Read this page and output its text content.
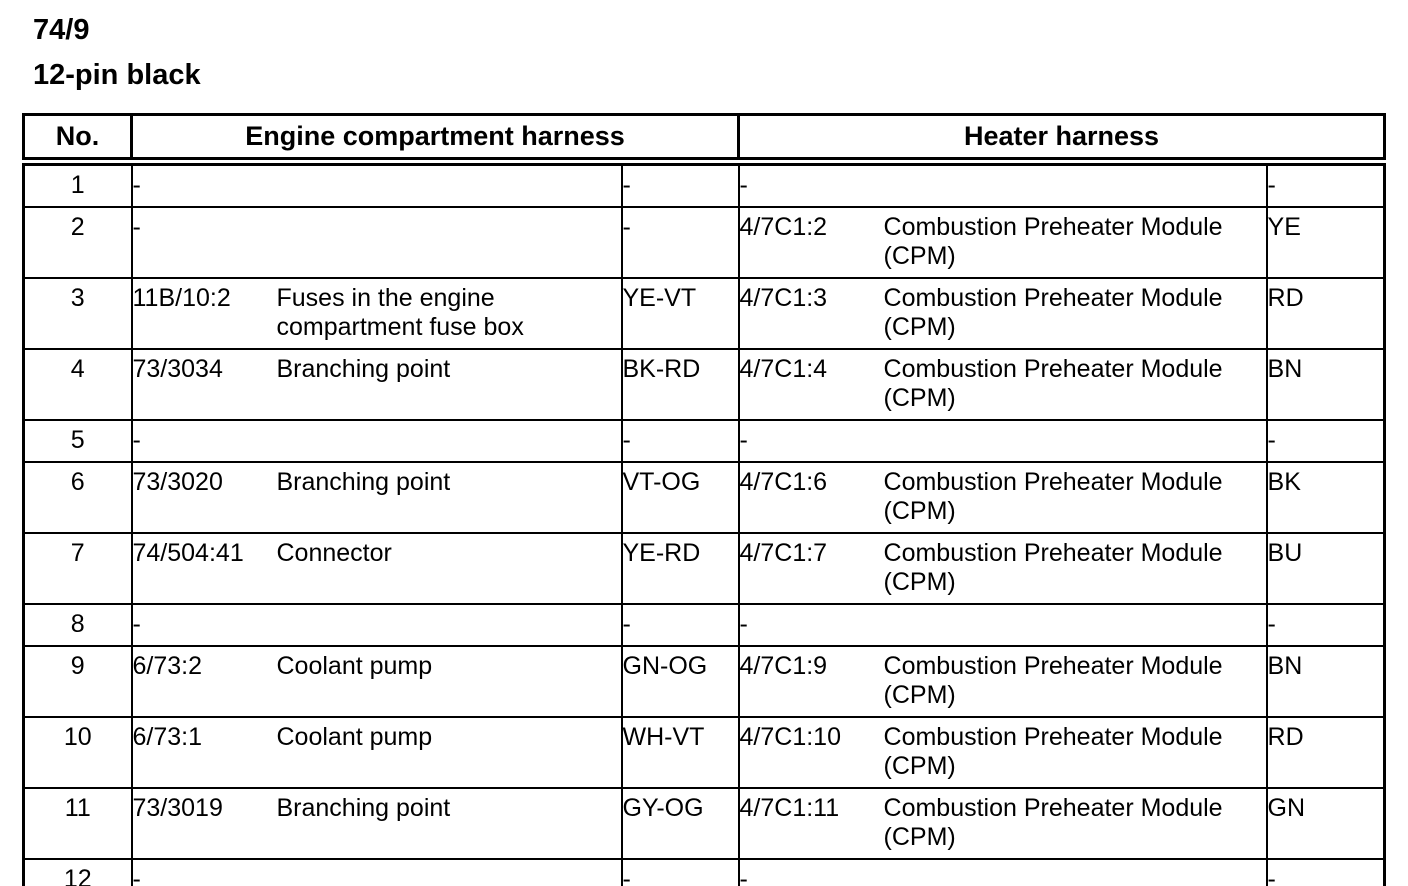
74/9
12-pin black
No.	Engine compartment harness		Heater harness	
1	-	-	-	-
2	-	-	4/7C1:2 Combustion Preheater Module (CPM)	YE
3	11B/10:2 Fuses in the engine compartment fuse box	YE-VT	4/7C1:3 Combustion Preheater Module (CPM)	RD
4	73/3034 Branching point	BK-RD	4/7C1:4 Combustion Preheater Module (CPM)	BN
5	-	-	-	-
6	73/3020 Branching point	VT-OG	4/7C1:6 Combustion Preheater Module (CPM)	BK
7	74/504:41 Connector	YE-RD	4/7C1:7 Combustion Preheater Module (CPM)	BU
8	-	-	-	-
9	6/73:2 Coolant pump	GN-OG	4/7C1:9 Combustion Preheater Module (CPM)	BN
10	6/73:1 Coolant pump	WH-VT	4/7C1:10 Combustion Preheater Module (CPM)	RD
11	73/3019 Branching point	GY-OG	4/7C1:11 Combustion Preheater Module (CPM)	GN
12	-	-	-	-
